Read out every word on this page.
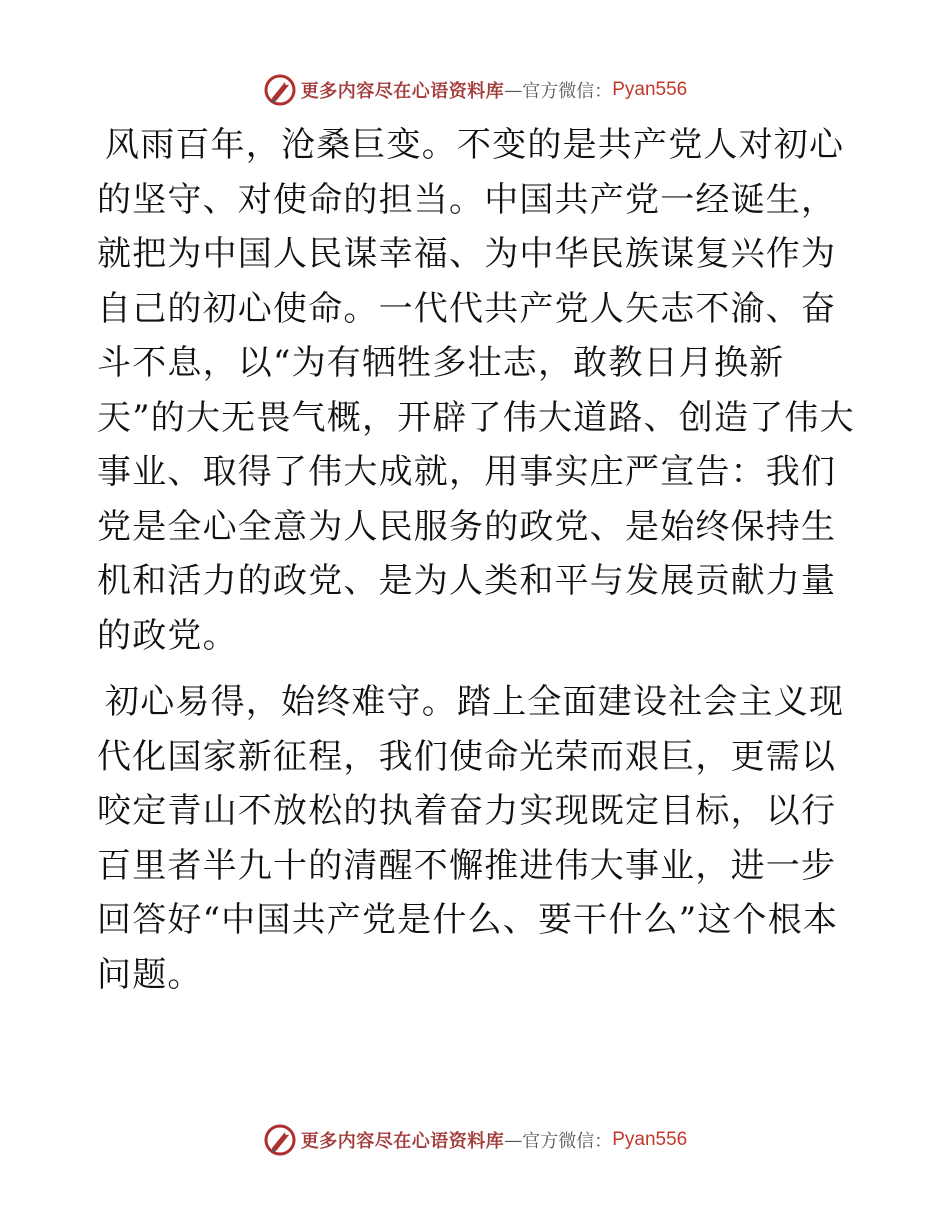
更多内容尽在心语资料库 — 官方微信： Pyan556

风雨百年，沧桑巨变。不变的是共产党人对初心的坚守、对使命的担当。中国共产党一经诞生，就把为中国人民谋幸福、为中华民族谋复兴作为自己的初心使命。一代代共产党人矢志不渝、奋斗不息，以“为有牺牲多壮志，敢教日月换新天”的大无畏气概，开辟了伟大道路、创造了伟大事业、取得了伟大成就，用事实庄严宣告：我们党是全心全意为人民服务的政党、是始终保持生机和活力的政党、是为人类和平与发展贡献力量的政党。

初心易得，始终难守。踏上全面建设社会主义现代化国家新征程，我们使命光荣而艰巨，更需以咬定青山不放松的执着奋力实现既定目标，以行百里者半九十的清醒不懈推进伟大事业，进一步回答好“中国共产党是什么、要干什么”这个根本问题。

更多内容尽在心语资料库 — 官方微信： Pyan556
